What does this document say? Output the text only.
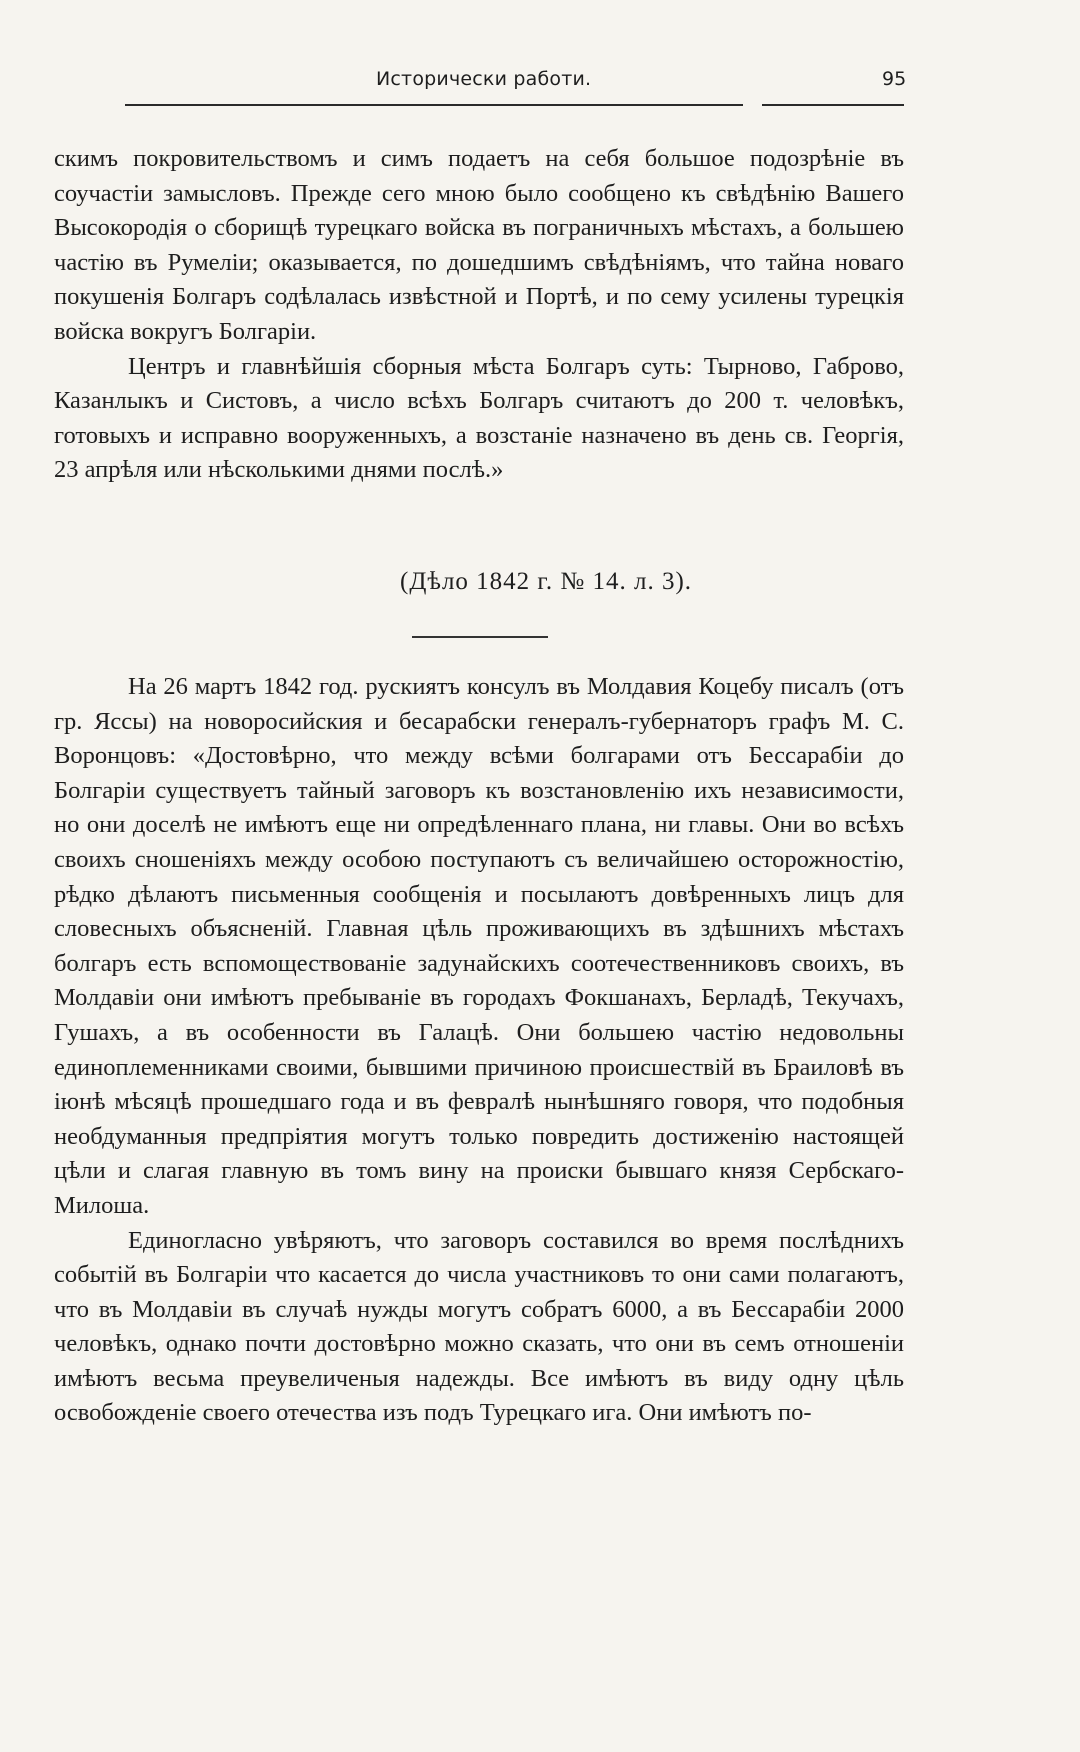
Исторически работи.	95

скимъ покровительствомъ и симъ подаетъ на себя большое подозрѣніе въ соучастіи замысловъ. Прежде сего мною было сообщено къ свѣдѣнію Вашего Высокородія о сборищѣ турецкаго войска въ пограничныхъ мѣстахъ, а большею частію въ Румеліи; оказывается, по дошедшимъ свѣдѣніямъ, что тайна новаго покушенія Болгаръ содѣлалась извѣстной и Портѣ, и по сему усилены турецкія войска вокругъ Болгаріи.

Центръ и главнѣйшія сборныя мѣста Болгаръ суть: Тырново, Габрово, Казанлыкъ и Систовъ, а число всѣхъ Болгаръ считаютъ до 200 т. человѣкъ, готовыхъ и исправно вооруженныхъ, а возстаніе назначено въ день св. Георгія, 23 апрѣля или нѣсколькими днями послѣ.»

(Дѣло 1842 г. № 14. л. 3).

На 26 мартъ 1842 год. рускиятъ консулъ въ Молдавия Коцебу писалъ (отъ гр. Яссы) на новоросийския и бесарабски генералъ-губернаторъ графъ М. С. Воронцовъ: «Достовѣрно, что между всѣми болгарами отъ Бессарабіи до Болгаріи существуетъ тайный заговоръ къ возстановленію ихъ независимости, но они доселѣ не имѣютъ еще ни опредѣленнаго плана, ни главы. Они во всѣхъ своихъ сношеніяхъ между особою поступаютъ съ величайшею осторожностію, рѣдко дѣлаютъ письменныя сообщенія и посылаютъ довѣренныхъ лицъ для словесныхъ объясненій. Главная цѣль проживающихъ въ здѣшнихъ мѣстахъ болгаръ есть вспомоществованіе задунайскихъ соотечественниковъ своихъ, въ Молдавіи они имѣютъ пребываніе въ городахъ Фокшанахъ, Берладѣ, Текучахъ, Гушахъ, а въ особенности въ Галацѣ. Они большею частію недовольны единоплеменниками своими, бывшими причиною происшествій въ Браиловѣ въ іюнѣ мѣсяцѣ прошедшаго года и въ февралѣ нынѣшняго говоря, что подобныя необдуманныя предпріятия могутъ только повредить достиженію настоящей цѣли и слагая главную въ томъ вину на происки бывшаго князя Сербскаго-Милоша.

Единогласно увѣряютъ, что заговоръ составился во время послѣднихъ событій въ Болгаріи что касается до числа участниковъ то они сами полагаютъ, что въ Молдавіи въ случаѣ нужды могутъ собратъ 6000, а въ Бессарабіи 2000 человѣкъ, однако почти достовѣрно можно сказать, что они въ семъ отношеніи имѣютъ весьма преувеличеныя надежды. Все имѣютъ въ виду одну цѣль освобожденіе своего отечества изъ подъ Турецкаго ига. Они имѣютъ по-
